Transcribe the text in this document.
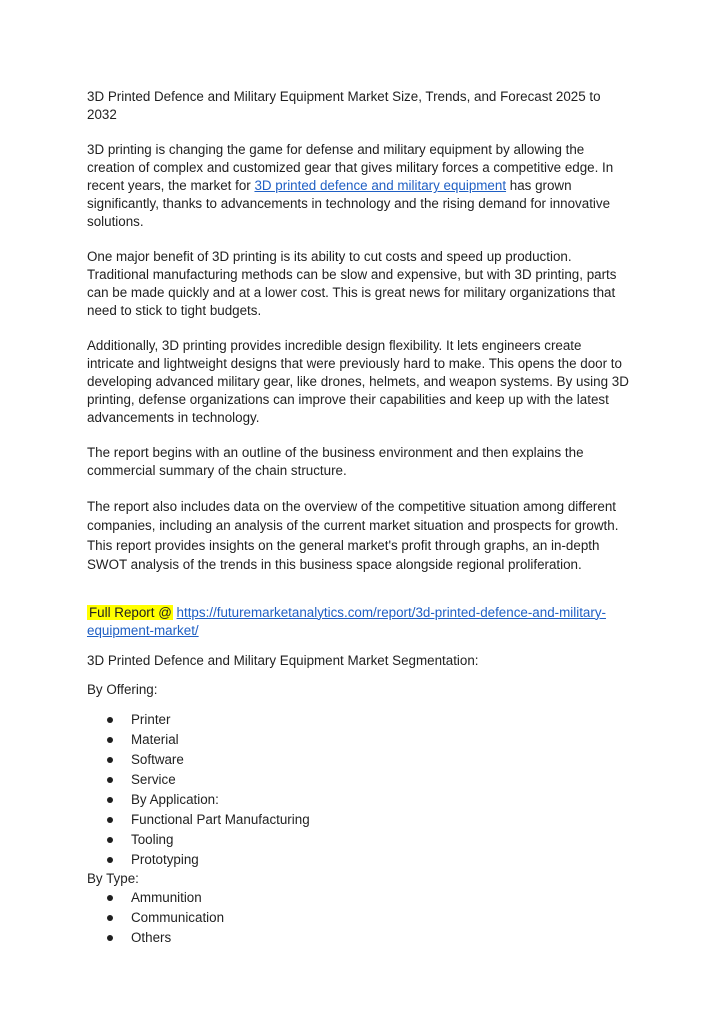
3D Printed Defence and Military Equipment Market Size, Trends, and Forecast 2025 to 2032

3D printing is changing the game for defense and military equipment by allowing the creation of complex and customized gear that gives military forces a competitive edge. In recent years, the market for 3D printed defence and military equipment has grown significantly, thanks to advancements in technology and the rising demand for innovative solutions.

One major benefit of 3D printing is its ability to cut costs and speed up production. Traditional manufacturing methods can be slow and expensive, but with 3D printing, parts can be made quickly and at a lower cost. This is great news for military organizations that need to stick to tight budgets.

Additionally, 3D printing provides incredible design flexibility. It lets engineers create intricate and lightweight designs that were previously hard to make. This opens the door to developing advanced military gear, like drones, helmets, and weapon systems. By using 3D printing, defense organizations can improve their capabilities and keep up with the latest advancements in technology.

The report begins with an outline of the business environment and then explains the commercial summary of the chain structure.

The report also includes data on the overview of the competitive situation among different companies, including an analysis of the current market situation and prospects for growth. This report provides insights on the general market's profit through graphs, an in-depth SWOT analysis of the trends in this business space alongside regional proliferation.

Full Report @ https://futuremarketanalytics.com/report/3d-printed-defence-and-military-equipment-market/

3D Printed Defence and Military Equipment Market Segmentation:

By Offering:

Printer
Material
Software
Service
By Application:
Functional Part Manufacturing
Tooling
Prototyping

By Type:

Ammunition
Communication
Others
